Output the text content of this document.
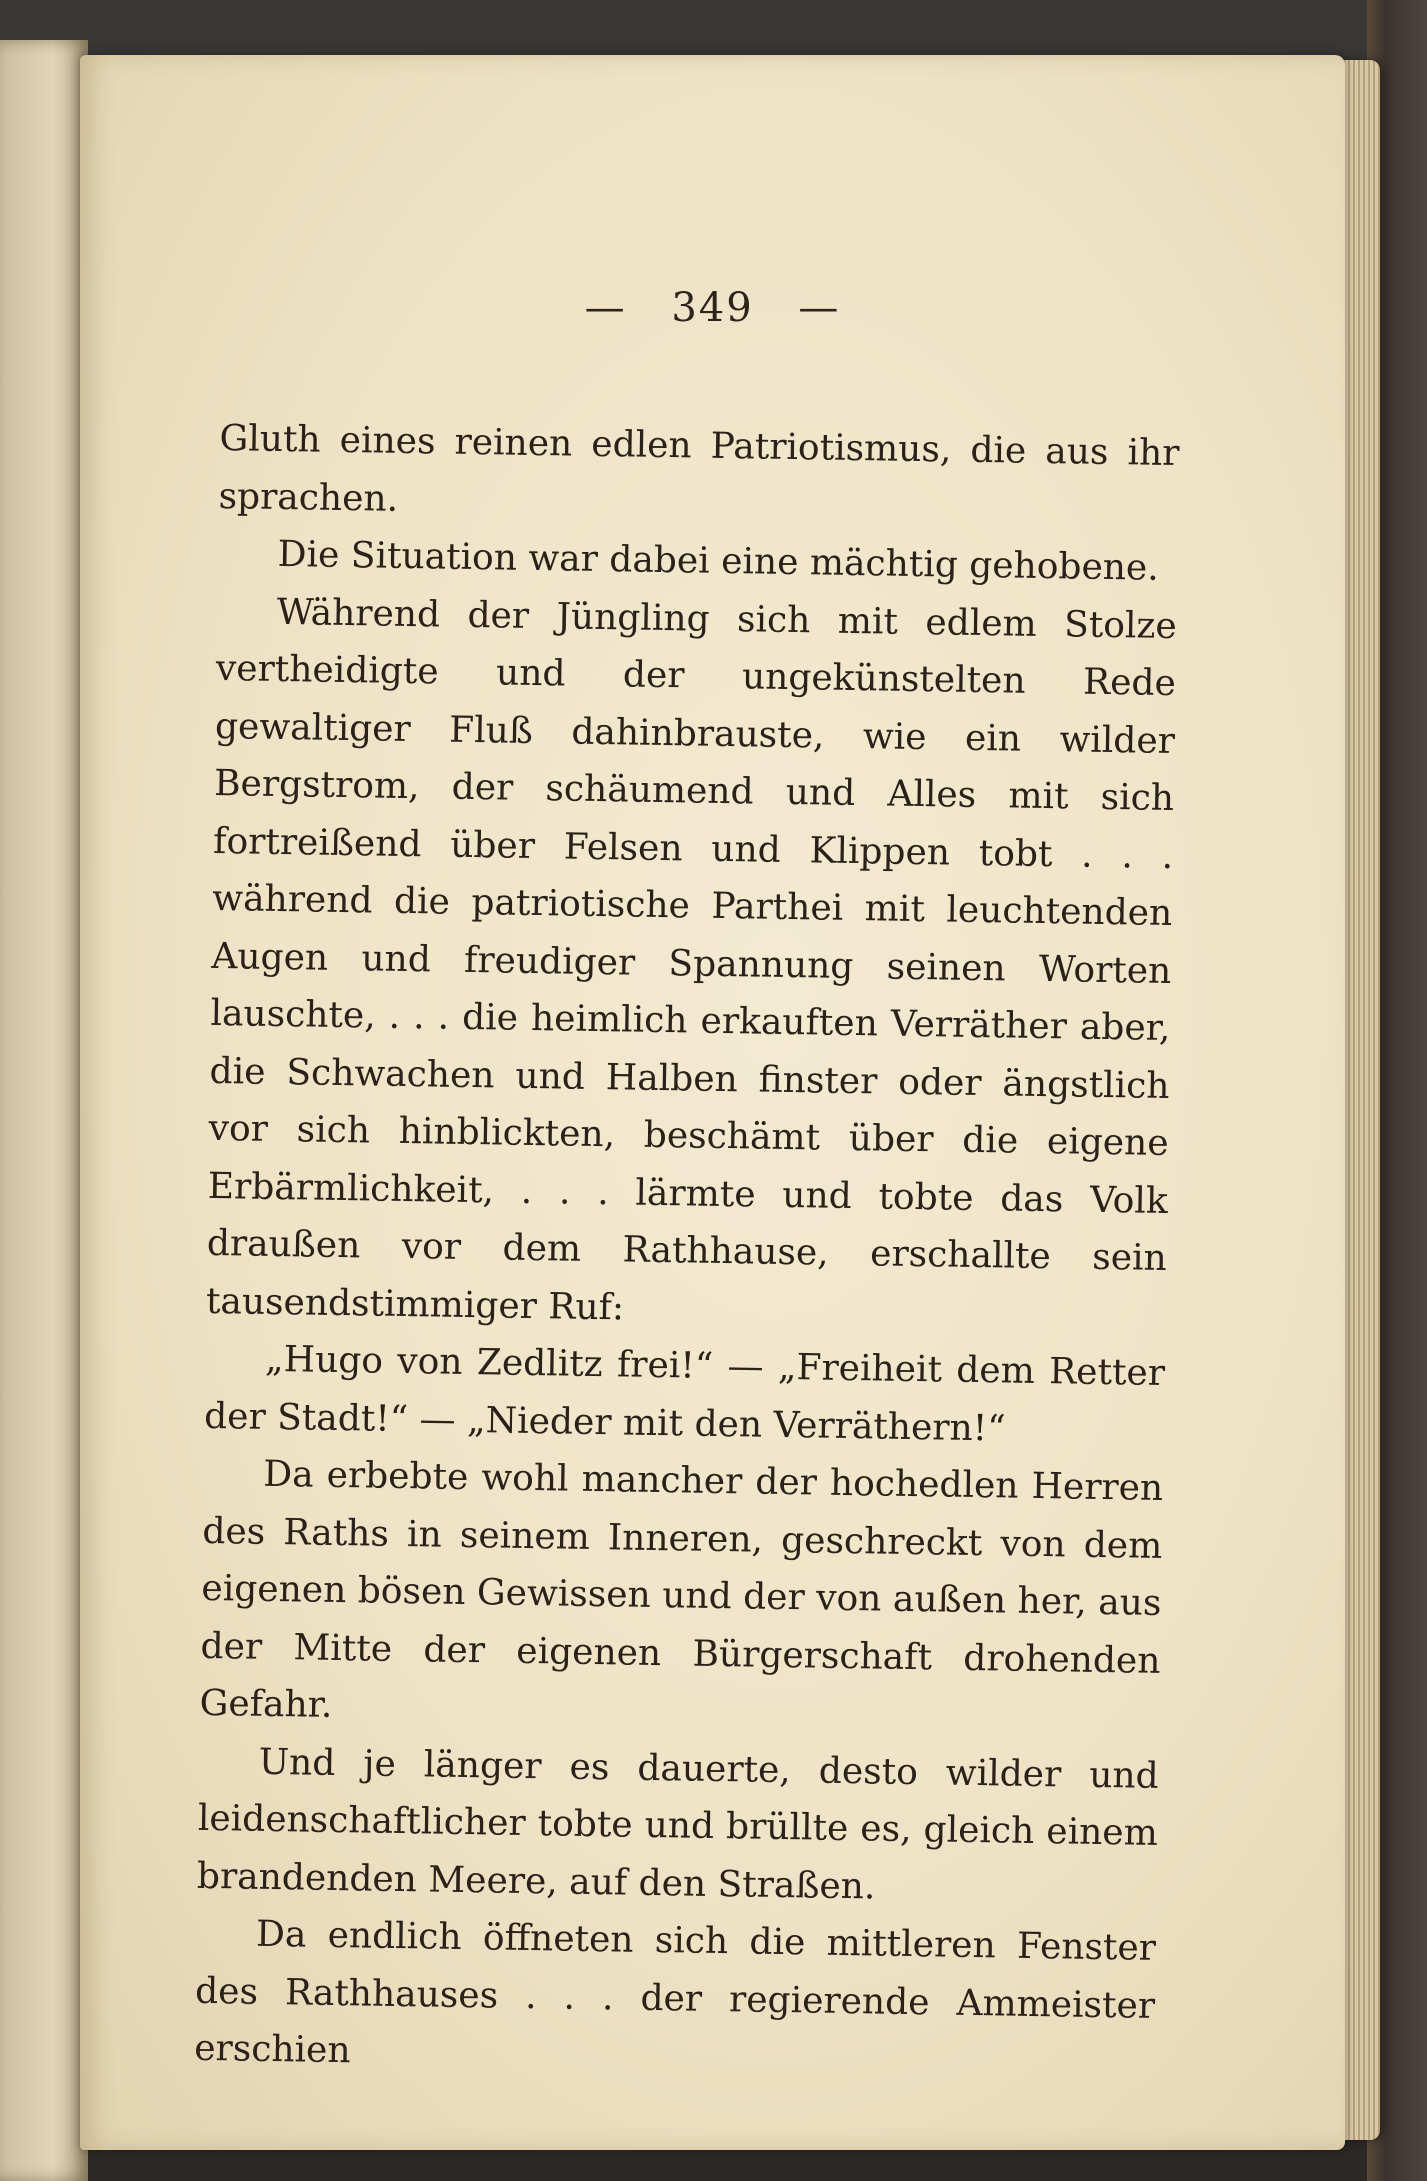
— 349 —

Gluth eines reinen edlen Patriotismus, die aus ihr sprachen.

Die Situation war dabei eine mächtig gehobene.

Während der Jüngling sich mit edlem Stolze vertheidigte und der ungekünstelten Rede gewaltiger Fluß dahinbrauste, wie ein wilder Bergstrom, der schäumend und Alles mit sich fortreißend über Felsen und Klippen tobt . . . während die patriotische Parthei mit leuchtenden Augen und freudiger Spannung seinen Worten lauschte, . . . die heimlich erkauften Verräther aber, die Schwachen und Halben finster oder ängstlich vor sich hinblickten, beschämt über die eigene Erbärmlichkeit, . . . lärmte und tobte das Volk draußen vor dem Rathhause, erschallte sein tausendstimmiger Ruf:

„Hugo von Zedlitz frei!“ — „Freiheit dem Retter der Stadt!“ — „Nieder mit den Verräthern!“

Da erbebte wohl mancher der hochedlen Herren des Raths in seinem Inneren, geschreckt von dem eigenen bösen Gewissen und der von außen her, aus der Mitte der eigenen Bürgerschaft drohenden Gefahr.

Und je länger es dauerte, desto wilder und leidenschaftlicher tobte und brüllte es, gleich einem brandenden Meere, auf den Straßen.

Da endlich öffneten sich die mittleren Fenster des Rathhauses . . . der regierende Ammeister erschien
